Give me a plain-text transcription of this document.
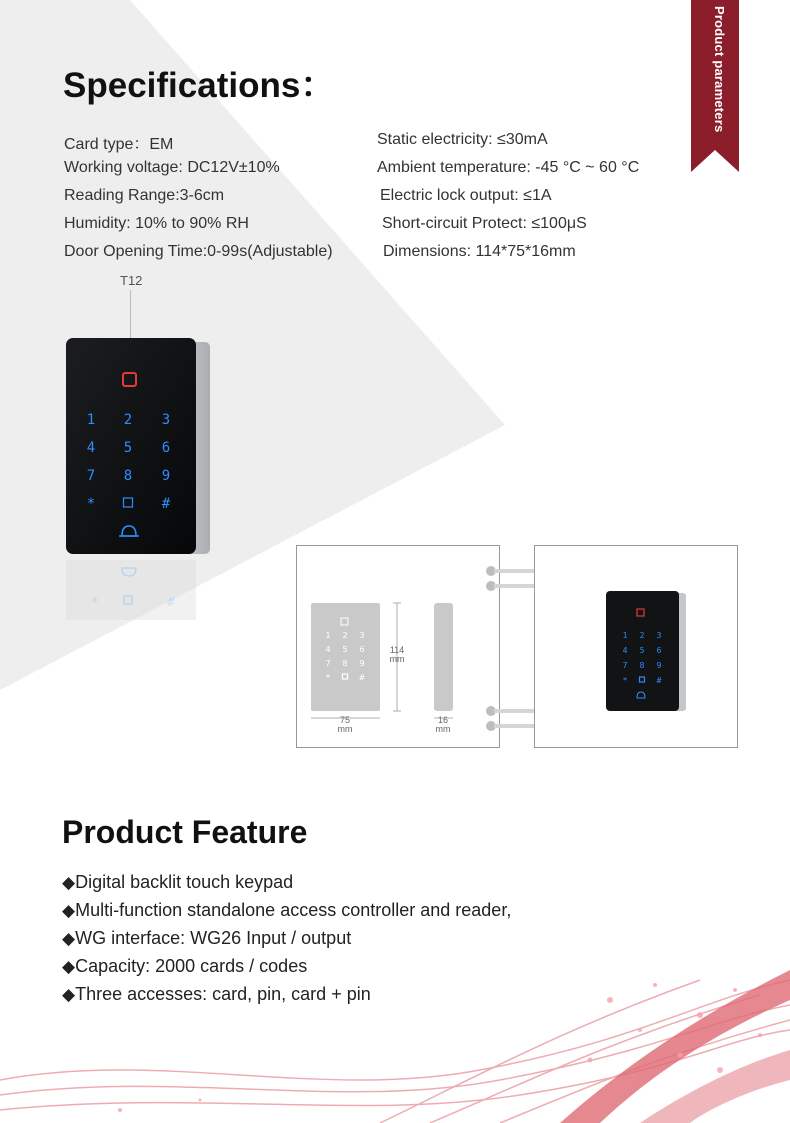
Product parameters
Specifications：
Card type：EM
Working voltage: DC12V±10%
Reading Range:3-6cm
Humidity: 10% to 90% RH
Door Opening Time:0-99s(Adjustable)
Static electricity: ≤30mA
Ambient temperature: -45 °C ~ 60 °C
Electric lock output: ≤1A
Short-circuit Protect: ≤100μS
Dimensions: 114*75*16mm
T12
1 2 3
4 5 6
7 8 9
*	#
*	#
1 2 3
4 5 6
7 8 9
*	#
114
mm
75
mm
16
mm
1 2 3
4 5 6
7 8 9
*	#
Product Feature
◆Digital backlit touch keypad
◆Multi-function standalone access controller and reader,
◆WG interface: WG26 Input / output
◆Capacity: 2000 cards / codes
◆Three accesses: card, pin, card + pin
